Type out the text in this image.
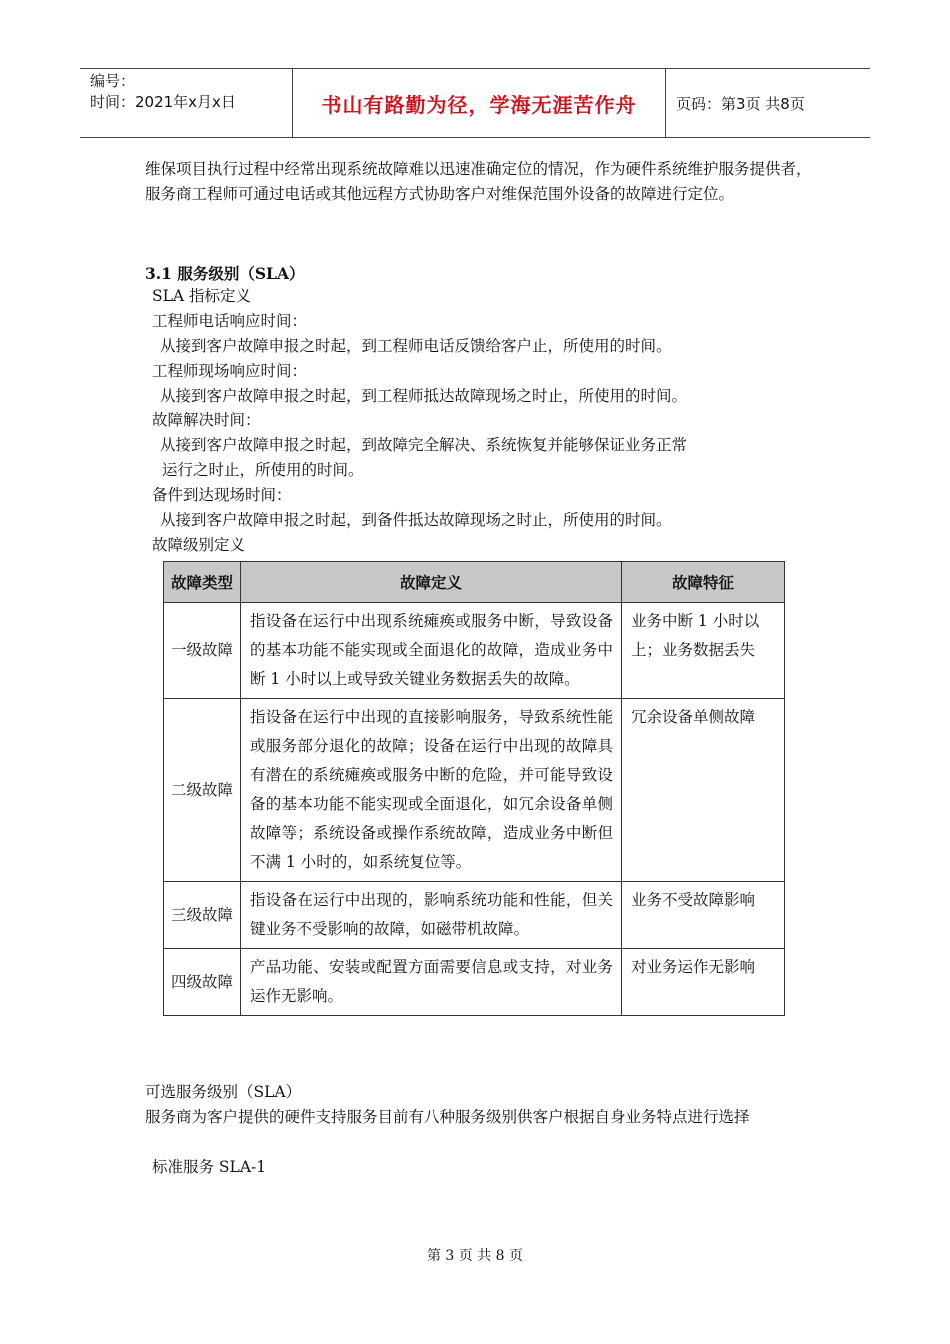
编号：
时间：2021年x月x日	书山有路勤为径，学海无涯苦作舟	页码：第3页 共8页
维保项目执行过程中经常出现系统故障难以迅速准确定位的情况，作为硬件系统维护服务提供者，服务商工程师可通过电话或其他远程方式协助客户对维保范围外设备的故障进行定位。
3.1 服务级别（SLA）
SLA 指标定义
工程师电话响应时间：
从接到客户故障申报之时起，到工程师电话反馈给客户止，所使用的时间。
工程师现场响应时间：
从接到客户故障申报之时起，到工程师抵达故障现场之时止，所使用的时间。
故障解决时间：
从接到客户故障申报之时起，到故障完全解决、系统恢复并能够保证业务正常
运行之时止，所使用的时间。
备件到达现场时间：
从接到客户故障申报之时起，到备件抵达故障现场之时止，所使用的时间。
故障级别定义
故障类型	故障定义	故障特征
一级故障	指设备在运行中出现系统瘫痪或服务中断，导致设备的基本功能不能实现或全面退化的故障，造成业务中断 1 小时以上或导致关键业务数据丢失的故障。	业务中断 1 小时以上；业务数据丢失
二级故障	指设备在运行中出现的直接影响服务，导致系统性能或服务部分退化的故障；设备在运行中出现的故障具有潜在的系统瘫痪或服务中断的危险，并可能导致设备的基本功能不能实现或全面退化，如冗余设备单侧故障等；系统设备或操作系统故障，造成业务中断但不满 1 小时的，如系统复位等。	冗余设备单侧故障
三级故障	指设备在运行中出现的，影响系统功能和性能，但关键业务不受影响的故障，如磁带机故障。	业务不受故障影响
四级故障	产品功能、安装或配置方面需要信息或支持，对业务运作无影响。	对业务运作无影响
可选服务级别（SLA）
服务商为客户提供的硬件支持服务目前有八种服务级别供客户根据自身业务特点进行选择
标准服务 SLA-1
第 3 页 共 8 页
